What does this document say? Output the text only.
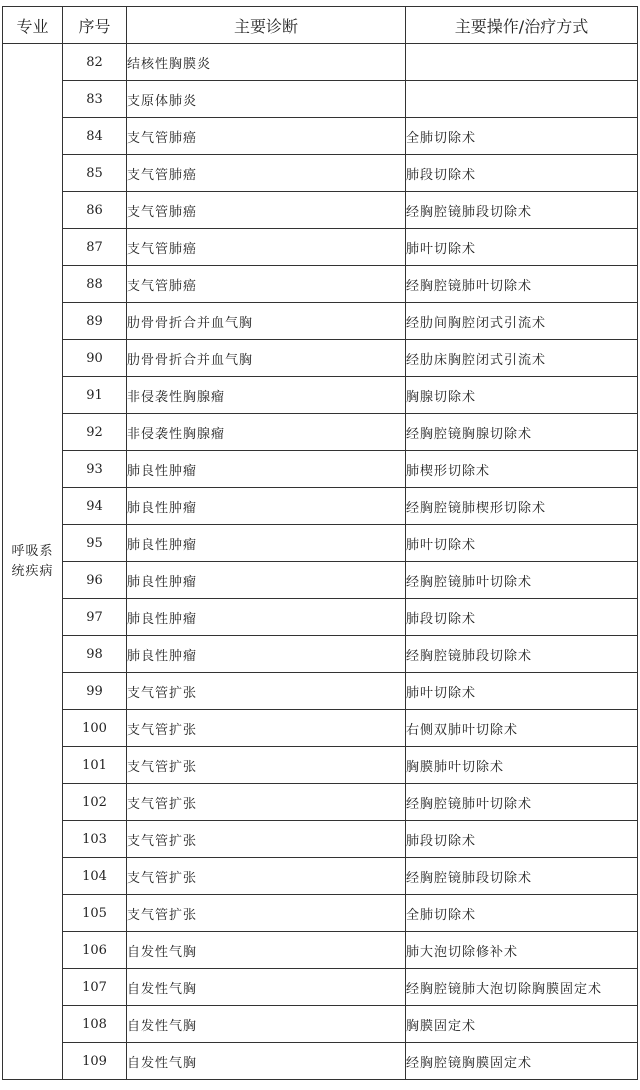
专业	序号	主要诊断	主要操作/治疗方式

呼吸系
统疾病	82	结核性胸膜炎	
	83	支原体肺炎	
	84	支气管肺癌	全肺切除术
	85	支气管肺癌	肺段切除术
	86	支气管肺癌	经胸腔镜肺段切除术
	87	支气管肺癌	肺叶切除术
	88	支气管肺癌	经胸腔镜肺叶切除术
	89	肋骨骨折合并血气胸	经肋间胸腔闭式引流术
	90	肋骨骨折合并血气胸	经肋床胸腔闭式引流术
	91	非侵袭性胸腺瘤	胸腺切除术
	92	非侵袭性胸腺瘤	经胸腔镜胸腺切除术
	93	肺良性肿瘤	肺楔形切除术
	94	肺良性肿瘤	经胸腔镜肺楔形切除术
	95	肺良性肿瘤	肺叶切除术
	96	肺良性肿瘤	经胸腔镜肺叶切除术
	97	肺良性肿瘤	肺段切除术
	98	肺良性肿瘤	经胸腔镜肺段切除术
	99	支气管扩张	肺叶切除术
	100	支气管扩张	右侧双肺叶切除术
	101	支气管扩张	胸膜肺叶切除术
	102	支气管扩张	经胸腔镜肺叶切除术
	103	支气管扩张	肺段切除术
	104	支气管扩张	经胸腔镜肺段切除术
	105	支气管扩张	全肺切除术
	106	自发性气胸	肺大泡切除修补术
	107	自发性气胸	经胸腔镜肺大泡切除胸膜固定术
	108	自发性气胸	胸膜固定术
	109	自发性气胸	经胸腔镜胸膜固定术
